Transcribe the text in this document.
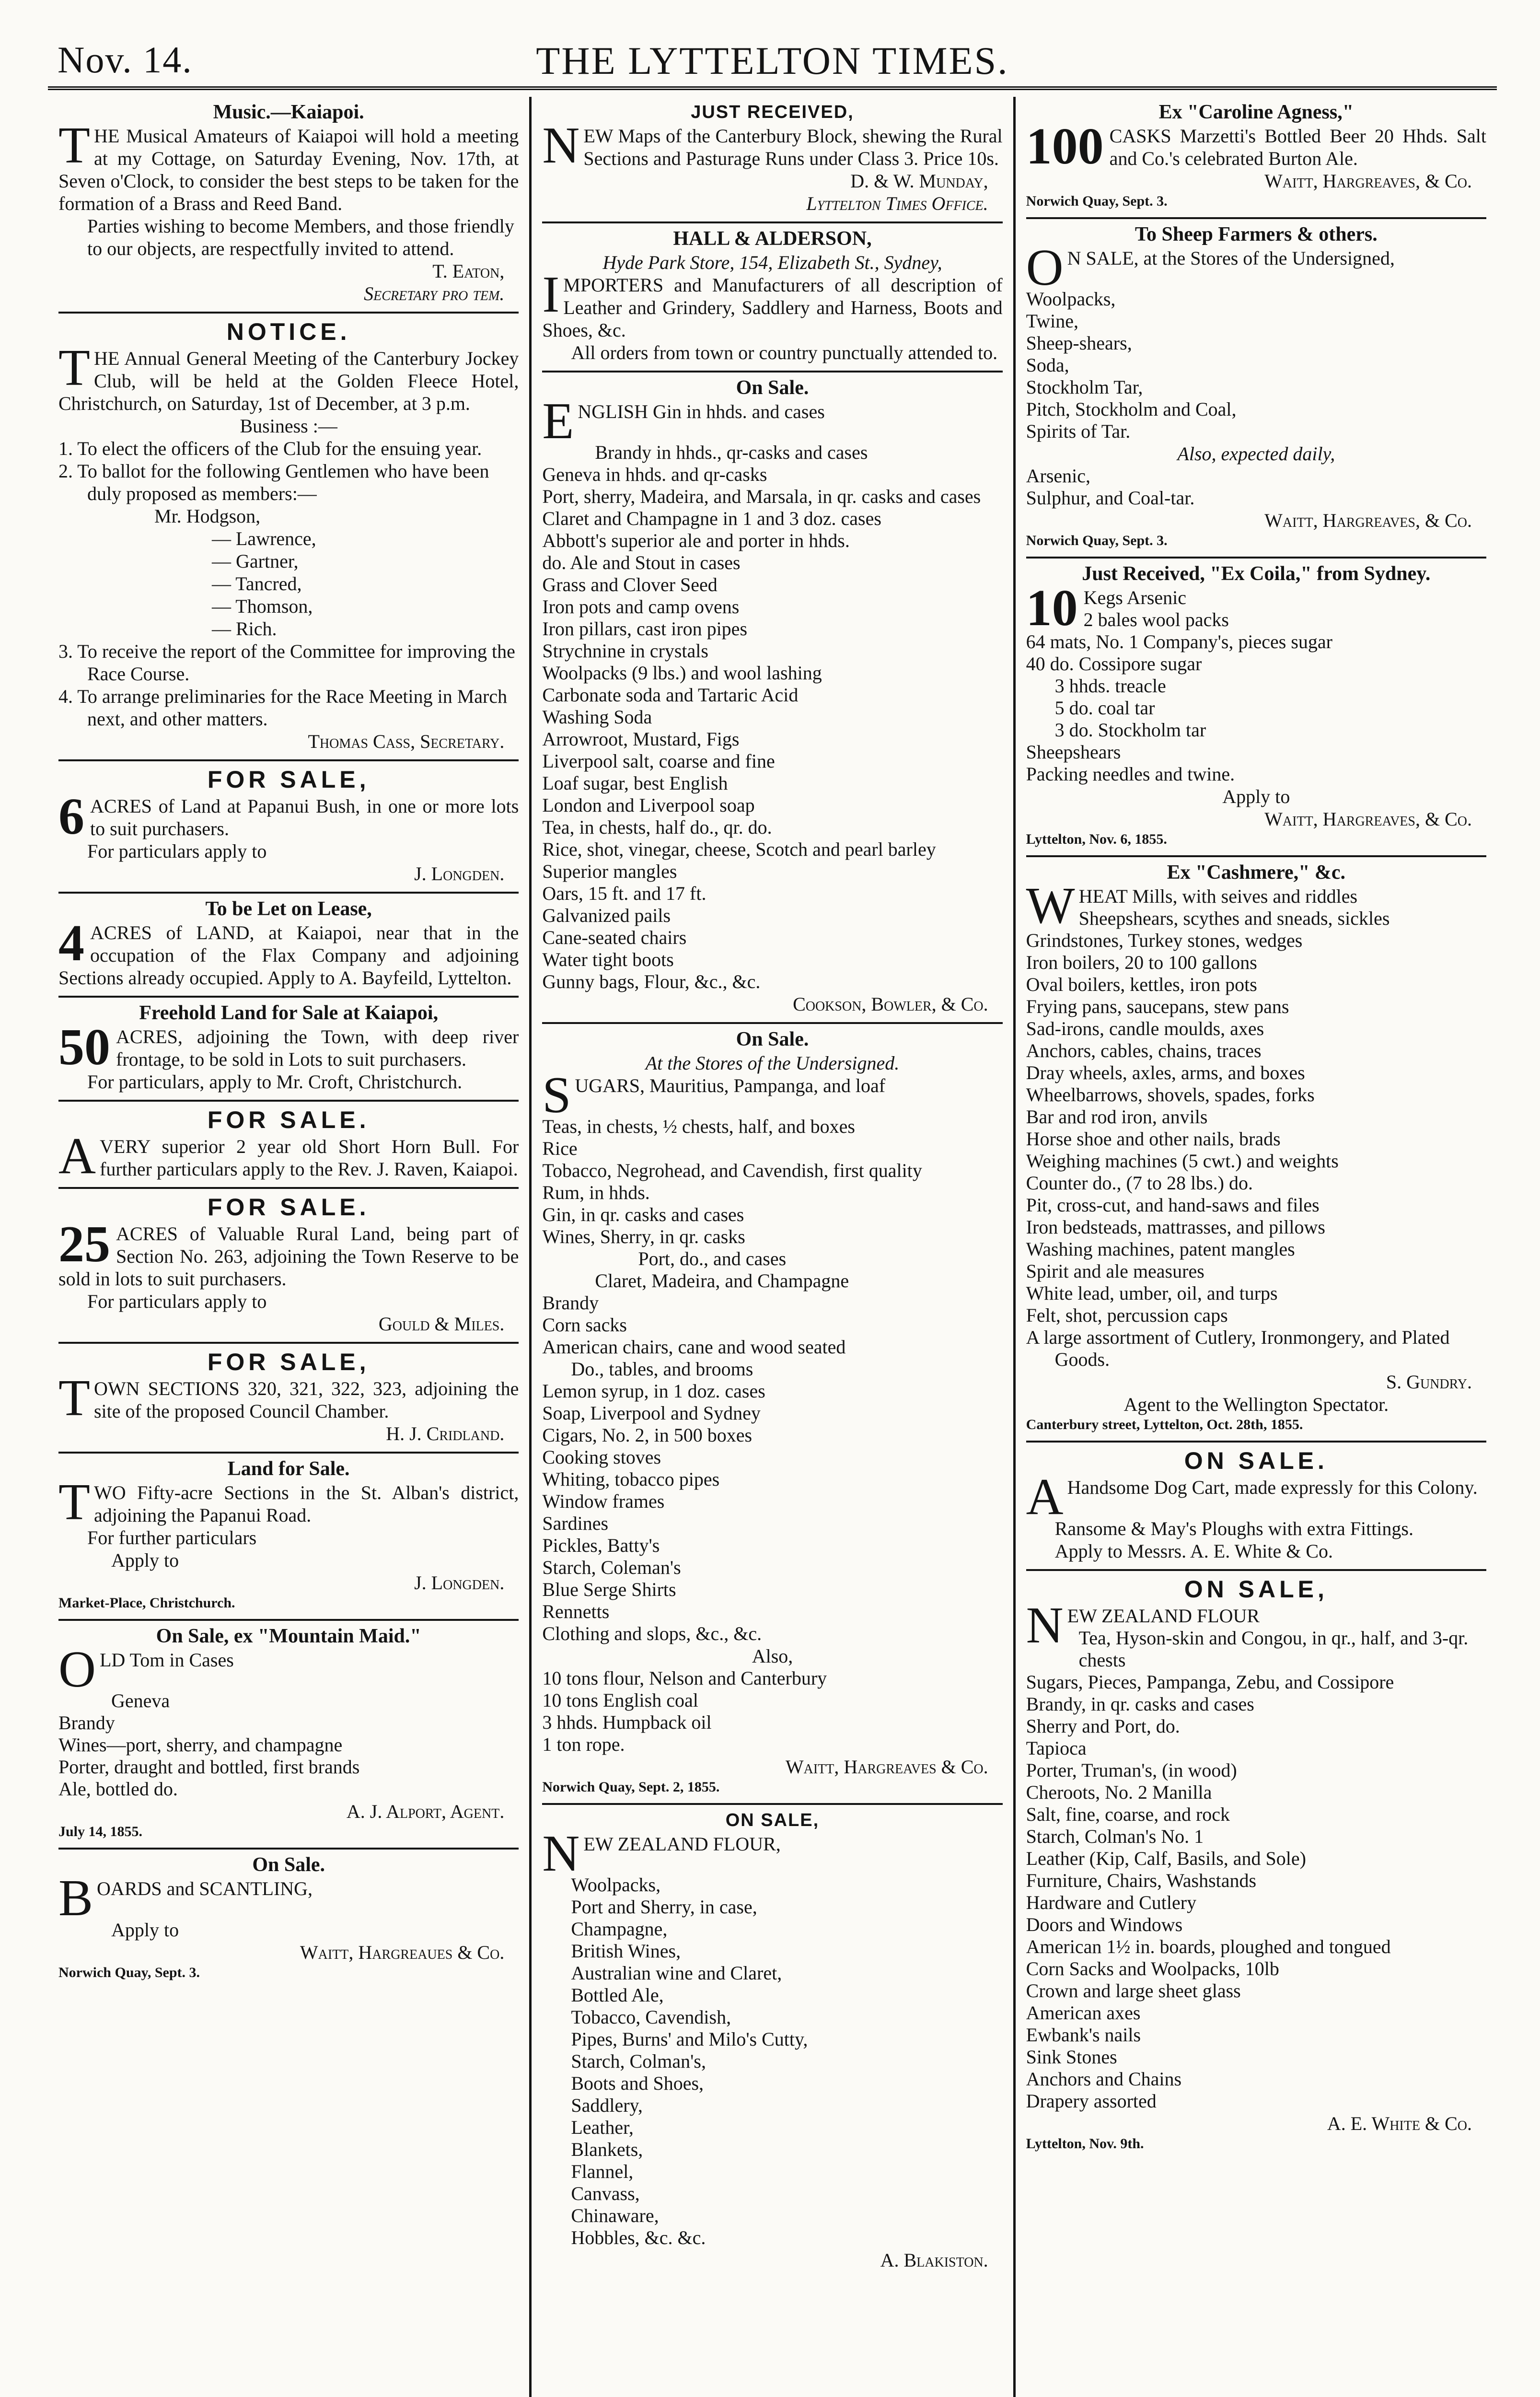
Nov. 14.	THE LYTTELTON TIMES.
Music.—Kaiapoi.
THE Musical Amateurs of Kaiapoi will hold a meeting at my Cottage, on Saturday Evening, Nov. 17th, at Seven o'Clock, to consider the best steps to be taken for the formation of a Brass and Reed Band.
Parties wishing to become Members, and those friendly to our objects, are respectfully invited to attend.
T. Eaton,
Secretary pro tem.
NOTICE.
THE Annual General Meeting of the Canterbury Jockey Club, will be held at the Golden Fleece Hotel, Christchurch, on Saturday, 1st of December, at 3 p.m.
Business :—
1. To elect the officers of the Club for the ensuing year.
2. To ballot for the following Gentlemen who have been duly proposed as members:—
Mr. Hodgson,
— Lawrence,
— Gartner,
— Tancred,
— Thomson,
— Rich.
3. To receive the report of the Committee for improving the Race Course.
4. To arrange preliminaries for the Race Meeting in March next, and other matters.
Thomas Cass, Secretary.
FOR SALE,
6 ACRES of Land at Papanui Bush, in one or more lots to suit purchasers.
For particulars apply to
J. Longden.
To be Let on Lease,
4 ACRES of LAND, at Kaiapoi, near that in the occupation of the Flax Company and adjoining Sections already occupied. Apply to A. Bayfeild, Lyttelton.
Freehold Land for Sale at Kaiapoi,
50 ACRES, adjoining the Town, with deep river frontage, to be sold in Lots to suit purchasers.
For particulars, apply to Mr. Croft, Christchurch.
FOR SALE.
AVERY superior 2 year old Short Horn Bull. For further particulars apply to the Rev. J. Raven, Kaiapoi.
FOR SALE.
25 ACRES of Valuable Rural Land, being part of Section No. 263, adjoining the Town Reserve to be sold in lots to suit purchasers.
For particulars apply to
Gould & Miles.
FOR SALE,
TOWN SECTIONS 320, 321, 322, 323, adjoining the site of the proposed Council Chamber.
H. J. Cridland.
Land for Sale.
TWO Fifty-acre Sections in the St. Alban's district, adjoining the Papanui Road.
For further particulars
Apply to
J. Longden.
Market-Place, Christchurch.
On Sale, ex "Mountain Maid."
OLD Tom in Cases
Geneva
Brandy
Wines—port, sherry, and champagne
Porter, draught and bottled, first brands
Ale, bottled do.
A. J. Alport, Agent.
July 14, 1855.
On Sale.
BOARDS and SCANTLING,
Apply to
Waitt, Hargreaues & Co.
Norwich Quay, Sept. 3.
JUST RECEIVED,
NEW Maps of the Canterbury Block, shewing the Rural Sections and Pasturage Runs under Class 3. Price 10s.
D. & W. Munday,
Lyttelton Times Office.
HALL & ALDERSON,
Hyde Park Store, 154, Elizabeth St., Sydney,
IMPORTERS and Manufacturers of all description of Leather and Grindery, Saddlery and Harness, Boots and Shoes, &c.
All orders from town or country punctually attended to.
On Sale.
ENGLISH Gin in hhds. and cases
Brandy in hhds., qr-casks and cases
Geneva in hhds. and qr-casks
Port, sherry, Madeira, and Marsala, in qr. casks and cases
Claret and Champagne in 1 and 3 doz. cases
Abbott's superior ale and porter in hhds.
do. Ale and Stout in cases
Grass and Clover Seed
Iron pots and camp ovens
Iron pillars, cast iron pipes
Strychnine in crystals
Woolpacks (9 lbs.) and wool lashing
Carbonate soda and Tartaric Acid
Washing Soda
Arrowroot, Mustard, Figs
Liverpool salt, coarse and fine
Loaf sugar, best English
London and Liverpool soap
Tea, in chests, half do., qr. do.
Rice, shot, vinegar, cheese, Scotch and pearl barley
Superior mangles
Oars, 15 ft. and 17 ft.
Galvanized pails
Cane-seated chairs
Water tight boots
Gunny bags, Flour, &c., &c.
Cookson, Bowler, & Co.
On Sale.
At the Stores of the Undersigned.
SUGARS, Mauritius, Pampanga, and loaf
Teas, in chests, ½ chests, half, and boxes
Rice
Tobacco, Negrohead, and Cavendish, first quality
Rum, in hhds.
Gin, in qr. casks and cases
Wines, Sherry, in qr. casks
Port, do., and cases
Claret, Madeira, and Champagne
Brandy
Corn sacks
American chairs, cane and wood seated
Do., tables, and brooms
Lemon syrup, in 1 doz. cases
Soap, Liverpool and Sydney
Cigars, No. 2, in 500 boxes
Cooking stoves
Whiting, tobacco pipes
Window frames
Sardines
Pickles, Batty's
Starch, Coleman's
Blue Serge Shirts
Rennetts
Clothing and slops, &c., &c.
Also,
10 tons flour, Nelson and Canterbury
10 tons English coal
3 hhds. Humpback oil
1 ton rope.
Waitt, Hargreaves & Co.
Norwich Quay, Sept. 2, 1855.
ON SALE,
NEW ZEALAND FLOUR,
Woolpacks,
Port and Sherry, in case,
Champagne,
British Wines,
Australian wine and Claret,
Bottled Ale,
Tobacco, Cavendish,
Pipes, Burns' and Milo's Cutty,
Starch, Colman's,
Boots and Shoes,
Saddlery,
Leather,
Blankets,
Flannel,
Canvass,
Chinaware,
Hobbles, &c. &c.
A. Blakiston.
Ex "Caroline Agness,"
100 CASKS Marzetti's Bottled Beer 20 Hhds. Salt and Co.'s celebrated Burton Ale.
Waitt, Hargreaves, & Co.
Norwich Quay, Sept. 3.
To Sheep Farmers & others.
O N SALE, at the Stores of the Undersigned,
Woolpacks,
Twine,
Sheep-shears,
Soda,
Stockholm Tar,
Pitch, Stockholm and Coal,
Spirits of Tar.
Also, expected daily,
Arsenic,
Sulphur, and Coal-tar.
Waitt, Hargreaves, & Co.
Norwich Quay, Sept. 3.
Just Received, "Ex Coila," from Sydney.
10 Kegs Arsenic
2 bales wool packs
64 mats, No. 1 Company's, pieces sugar
40 do. Cossipore sugar
3 hhds. treacle
5 do. coal tar
3 do. Stockholm tar
Sheepshears
Packing needles and twine.
Apply to
Waitt, Hargreaves, & Co.
Lyttelton, Nov. 6, 1855.
Ex "Cashmere," &c.
WHEAT Mills, with seives and riddles
Sheepshears, scythes and sneads, sickles
Grindstones, Turkey stones, wedges
Iron boilers, 20 to 100 gallons
Oval boilers, kettles, iron pots
Frying pans, saucepans, stew pans
Sad-irons, candle moulds, axes
Anchors, cables, chains, traces
Dray wheels, axles, arms, and boxes
Wheelbarrows, shovels, spades, forks
Bar and rod iron, anvils
Horse shoe and other nails, brads
Weighing machines (5 cwt.) and weights
Counter do., (7 to 28 lbs.) do.
Pit, cross-cut, and hand-saws and files
Iron bedsteads, mattrasses, and pillows
Washing machines, patent mangles
Spirit and ale measures
White lead, umber, oil, and turps
Felt, shot, percussion caps
A large assortment of Cutlery, Ironmongery, and Plated Goods.
S. Gundry.
Agent to the Wellington Spectator.
Canterbury street, Lyttelton, Oct. 28th, 1855.
ON SALE.
A Handsome Dog Cart, made expressly for this Colony.
Ransome & May's Ploughs with extra Fittings.
Apply to Messrs. A. E. White & Co.
ON SALE,
NEW ZEALAND FLOUR
Tea, Hyson-skin and Congou, in qr., half, and 3-qr. chests
Sugars, Pieces, Pampanga, Zebu, and Cossipore
Brandy, in qr. casks and cases
Sherry and Port, do.
Tapioca
Porter, Truman's, (in wood)
Cheroots, No. 2 Manilla
Salt, fine, coarse, and rock
Starch, Colman's No. 1
Leather (Kip, Calf, Basils, and Sole)
Furniture, Chairs, Washstands
Hardware and Cutlery
Doors and Windows
American 1½ in. boards, ploughed and tongued
Corn Sacks and Woolpacks, 10lb
Crown and large sheet glass
American axes
Ewbank's nails
Sink Stones
Anchors and Chains
Drapery assorted
A. E. White & Co.
Lyttelton, Nov. 9th.
